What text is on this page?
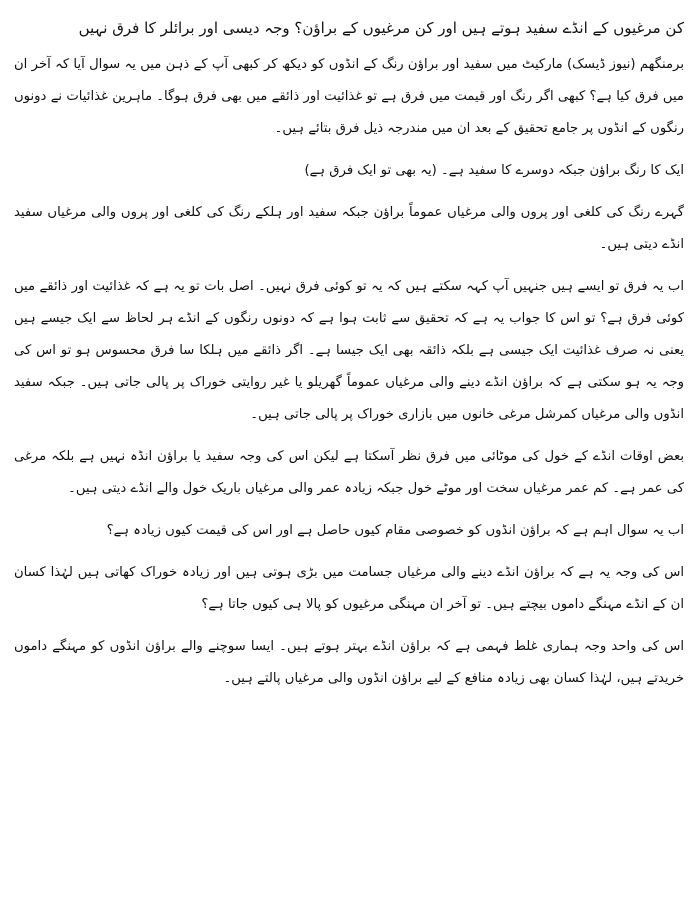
کن مرغیوں کے انڈے سفید ہوتے ہیں اور کن مرغیوں کے براؤن؟ وجہ دیسی اور برائلر کا فرق نہیں

برمنگھم (نیوز ڈیسک) مارکیٹ میں سفید اور براؤن رنگ کے انڈوں کو دیکھ کر کبھی آپ کے ذہن میں یہ سوال آیا کہ آخر ان میں فرق کیا ہے؟ کبھی اگر رنگ اور قیمت میں فرق ہے تو غذائیت اور ذائقے میں بھی فرق ہوگا۔ ماہرین غذائیات نے دونوں رنگوں کے انڈوں پر جامع تحقیق کے بعد ان میں مندرجہ ذیل فرق بتائے ہیں۔

ایک کا رنگ براؤن جبکہ دوسرے کا سفید ہے۔ (یہ بھی تو ایک فرق ہے)

گہرے رنگ کی کلغی اور پروں والی مرغیاں عموماً براؤن جبکہ سفید اور ہلکے رنگ کی کلغی اور پروں والی مرغیاں سفید انڈے دیتی ہیں۔

اب یہ فرق تو ایسے ہیں جنہیں آپ کہہ سکتے ہیں کہ یہ تو کوئی فرق نہیں۔ اصل بات تو یہ ہے کہ غذائیت اور ذائقے میں کوئی فرق ہے؟ تو اس کا جواب یہ ہے کہ تحقیق سے ثابت ہوا ہے کہ دونوں رنگوں کے انڈے ہر لحاظ سے ایک جیسے ہیں یعنی نہ صرف غذائیت ایک جیسی ہے بلکہ ذائقہ بھی ایک جیسا ہے۔ اگر ذائقے میں ہلکا سا فرق محسوس ہو تو اس کی وجہ یہ ہو سکتی ہے کہ براؤن انڈے دینے والی مرغیاں عموماً گھریلو یا غیر روایتی خوراک پر پالی جاتی ہیں۔ جبکہ سفید انڈوں والی مرغیاں کمرشل مرغی خانوں میں بازاری خوراک پر پالی جاتی ہیں۔

بعض اوقات انڈے کے خول کی موٹائی میں فرق نظر آسکتا ہے لیکن اس کی وجہ سفید یا براؤن انڈہ نہیں ہے بلکہ مرغی کی عمر ہے۔ کم عمر مرغیاں سخت اور موٹے خول جبکہ زیادہ عمر والی مرغیاں باریک خول والے انڈے دیتی ہیں۔

اب یہ سوال اہم ہے کہ براؤن انڈوں کو خصوصی مقام کیوں حاصل ہے اور اس کی قیمت کیوں زیادہ ہے؟

اس کی وجہ یہ ہے کہ براؤن انڈے دینے والی مرغیاں جسامت میں بڑی ہوتی ہیں اور زیادہ خوراک کھاتی ہیں لہٰذا کسان ان کے انڈے مہنگے داموں بیچتے ہیں۔ تو آخر ان مہنگی مرغیوں کو پالا ہی کیوں جاتا ہے؟

اس کی واحد وجہ ہماری غلط فہمی ہے کہ براؤن انڈے بہتر ہوتے ہیں۔ ایسا سوچنے والے براؤن انڈوں کو مہنگے داموں خریدتے ہیں، لہٰذا کسان بھی زیادہ منافع کے لیے براؤن انڈوں والی مرغیاں پالتے ہیں۔
